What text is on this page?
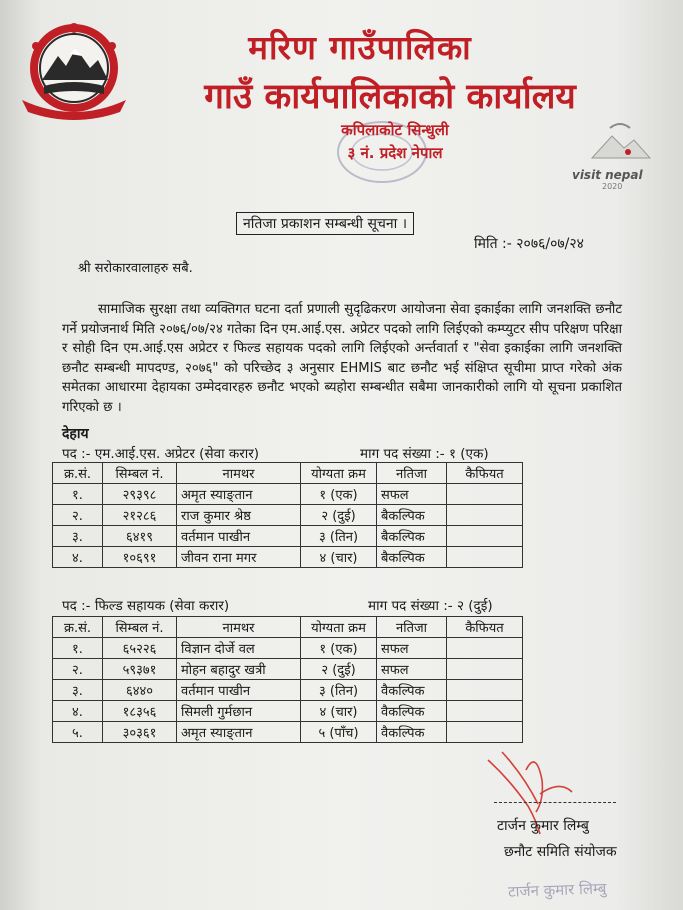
मरिण गाउँपालिका
गाउँ कार्यपालिकाको कार्यालय
कपिलाकोट सिन्धुली
३ नं. प्रदेश नेपाल
visit nepal
2020
नतिजा प्रकाशन सम्बन्धी सूचना ।
मिति :- २०७६/०७/२४
श्री सरोकारवालाहरु सबै.
सामाजिक सुरक्षा तथा व्यक्तिगत घटना दर्ता प्रणाली सुदृढिकरण आयोजना सेवा इकाईका लागि जनशक्ति छनौट गर्ने प्रयोजनार्थ मिति २०७६/०७/२४ गतेका दिन एम.आई.एस. अप्रेटर पदको लागि लिईएको कम्प्युटर सीप परिक्षण परिक्षा र सोही दिन एम.आई.एस अप्रेटर र फिल्ड सहायक पदको लागि लिईएको अर्न्तवार्ता र "सेवा इकाईका लागि जनशक्ति छनौट सम्बन्धी मापदण्ड, २०७६" को परिच्छेद ३ अनुसार EHMIS बाट छनौट भई संक्षिप्त सूचीमा प्राप्त गरेको अंक समेतका आधारमा देहायका उम्मेदवारहरु छनौट भएको ब्यहोरा सम्बन्धीत सबैमा जानकारीको लागि यो सूचना प्रकाशित गरिएको छ ।
देहाय
पद :- एम.आई.एस. अप्रेटर (सेवा करार)	माग पद संख्या :- १ (एक)
क्र.सं.	सिम्बल नं.	नामथर	योग्यता क्रम	नतिजा	कैफियत
१.	२९३९८	अमृत स्याङ्तान	१ (एक)	सफल	
२.	२१२८६	राज कुमार श्रेष्ठ	२ (दुई)	बैकल्पिक	
३.	६४१९	वर्तमान पाखीन	३ (तिन)	बैकल्पिक	
४.	१०६९१	जीवन राना मगर	४ (चार)	बैकल्पिक	
पद :- फिल्ड सहायक (सेवा करार)	माग पद संख्या :- २ (दुई)
क्र.सं.	सिम्बल नं.	नामथर	योग्यता क्रम	नतिजा	कैफियत
१.	६५२२६	विज्ञान दोर्जे वल	१ (एक)	सफल	
२.	५९३७१	मोहन बहादुर खत्री	२ (दुई)	सफल	
३.	६४४०	वर्तमान पाखीन	३ (तिन)	वैकल्पिक	
४.	१८३५६	सिमली गुर्मछान	४ (चार)	वैकल्पिक	
५.	३०३६१	अमृत स्याङ्तान	५ (पाँच)	वैकल्पिक	
टार्जन कुमार लिम्बु
छनौट समिति संयोजक
टार्जन कुमार लिम्बु
